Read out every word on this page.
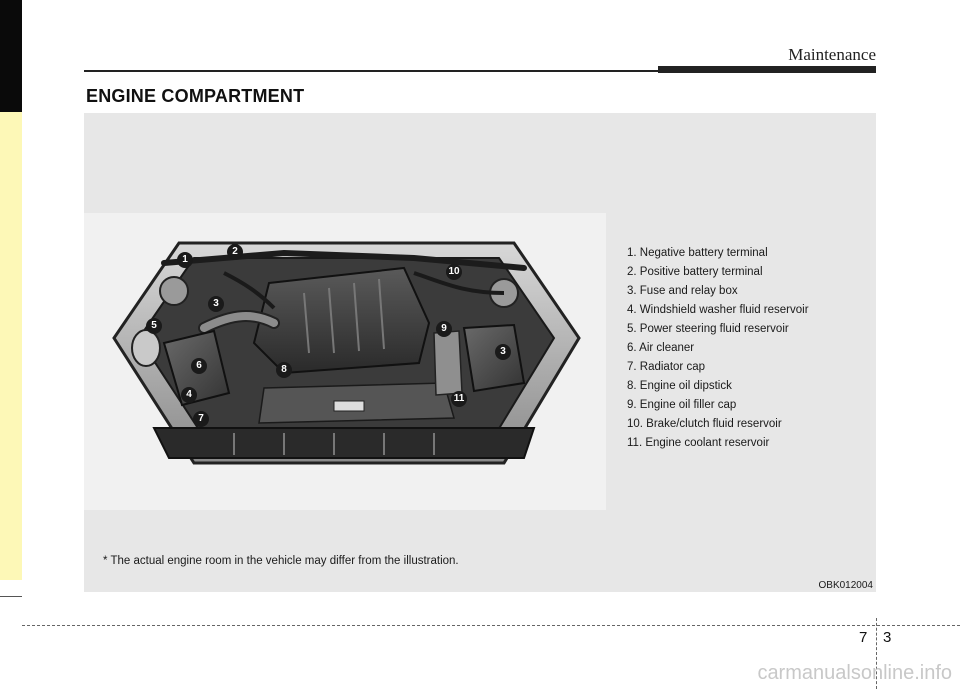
Maintenance
ENGINE COMPARTMENT
1
2
3
3
4
5
6
7
8
9
10
11
1. Negative battery terminal
2. Positive battery terminal
3. Fuse and relay box
4. Windshield washer fluid reservoir
5. Power steering fluid reservoir
6. Air cleaner
7. Radiator cap
8. Engine oil dipstick
9. Engine oil filler cap
10. Brake/clutch fluid reservoir
11. Engine coolant reservoir
* The actual engine room in the vehicle may differ from the illustration.
OBK012004
7 3
carmanualsonline.info
